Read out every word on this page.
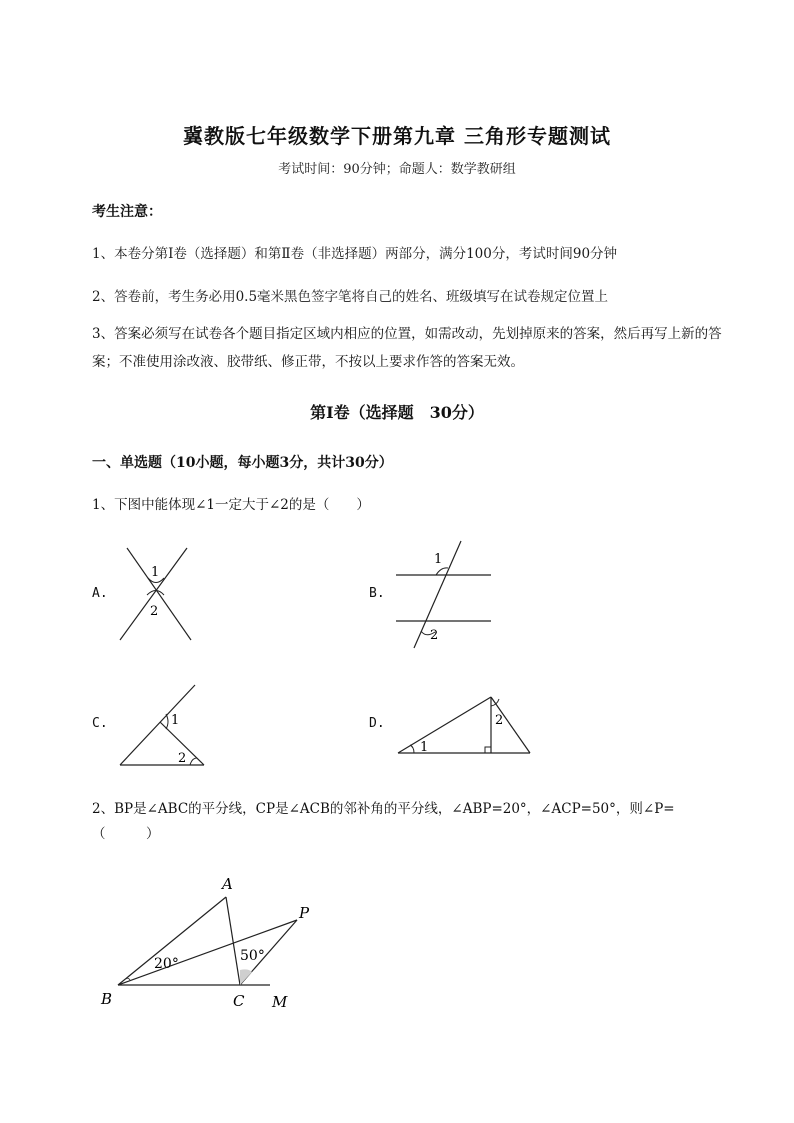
冀教版七年级数学下册第九章 三角形专题测试
考试时间：90分钟；命题人：数学教研组
考生注意：
1、本卷分第I卷（选择题）和第Ⅱ卷（非选择题）两部分，满分100分，考试时间90分钟
2、答卷前，考生务必用0.5毫米黑色签字笔将自己的姓名、班级填写在试卷规定位置上
3、答案必须写在试卷各个题目指定区域内相应的位置，如需改动，先划掉原来的答案，然后再写上新的答案；不准使用涂改液、胶带纸、修正带，不按以上要求作答的答案无效。
第I卷（选择题　30分）
一、单选题（10小题，每小题3分，共计30分）
1、下图中能体现∠1一定大于∠2的是（　　）
A.	B.
C.	D.
1
2
1
2
1
2
2
1
2、BP是∠ABC的平分线，CP是∠ACB的邻补角的平分线，∠ABP=20°，∠ACP=50°，则∠P=
（　　　）
A
B	C
P
M
20°	50°
